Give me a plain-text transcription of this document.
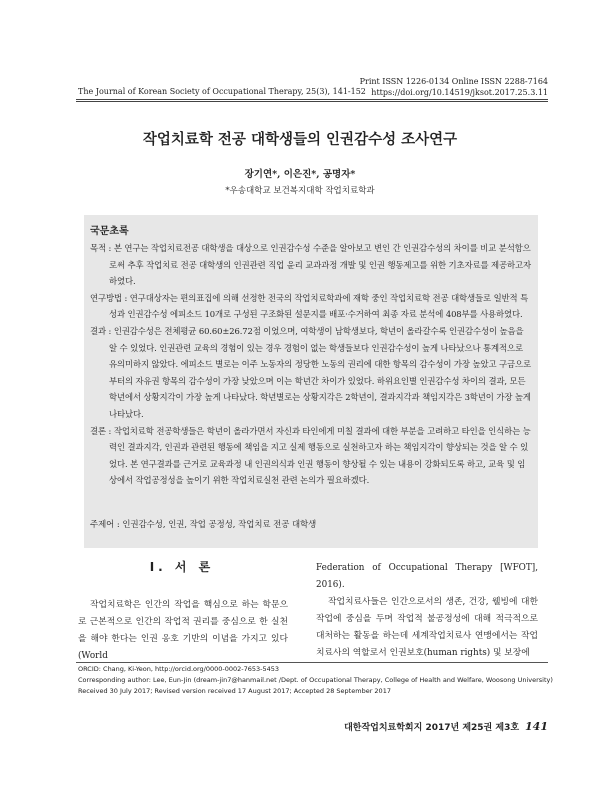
Print ISSN 1226-0134 Online ISSN 2288-7164
https://doi.org/10.14519/jksot.2017.25.3.11
The Journal of Korean Society of Occupational Therapy, 25(3), 141-152
작업치료학 전공 대학생들의 인권감수성 조사연구
장기연*, 이은진*, 공명자*
*우송대학교 보건복지대학 작업치료학과
국문초록

목적 : 본 연구는 작업치료전공 대학생을 대상으로 인권감수성 수준을 알아보고 변인 간 인권감수성의 차이를 비교 분석함으로써 추후 작업치료 전공 대학생의 인권관련 직업 윤리 교과과정 개발 및 인권 행동제고를 위한 기초자료를 제공하고자 하였다.

연구방법 : 연구대상자는 편의표집에 의해 선정한 전국의 작업치료학과에 재학 중인 작업치료학 전공 대학생들로 일반적 특성과 인권감수성 에피소드 10개로 구성된 구조화된 설문지를 배포·수거하여 최종 자료 분석에 408부를 사용하였다.

결과 : 인권감수성은 전체평균 60.60±26.72점 이었으며, 여학생이 남학생보다, 학년이 올라갈수록 인권감수성이 높음을 알 수 있었다. 인권관련 교육의 경험이 있는 경우 경험이 없는 학생들보다 인권감수성이 높게 나타났으나 통계적으로 유의미하지 않았다. 에피소드 별로는 이주 노동자의 정당한 노동의 권리에 대한 항목의 감수성이 가장 높았고 구금으로부터의 자유권 항목의 감수성이 가장 낮았으며 이는 학년간 차이가 있었다. 하위요인별 인권감수성 차이의 결과, 모든 학년에서 상황지각이 가장 높게 나타났다. 학년별로는 상황지각은 2학년이, 결과지각과 책임지각은 3학년이 가장 높게 나타났다.

결론 : 작업치료학 전공학생들은 학년이 올라가면서 자신과 타인에게 미칠 결과에 대한 부분을 고려하고 타인을 인식하는 능력인 결과지각, 인권과 관련된 행동에 책임을 지고 실제 행동으로 실천하고자 하는 책임지각이 향상되는 것을 알 수 있었다. 본 연구결과를 근거로 교육과정 내 인권의식과 인권 행동이 향상될 수 있는 내용이 강화되도록 하고, 교육 및 임상에서 작업공정성을 높이기 위한 작업치료실천 관련 논의가 필요하겠다.

주제어 : 인권감수성, 인권, 작업 공정성, 작업치료 전공 대학생
Ⅰ. 서 론

작업치료학은 인간의 작업을 핵심으로 하는 학문으로 근본적으로 인간의 작업적 권리를 중심으로 한 실천을 해야 한다는 인권 옹호 기반의 이념을 가지고 있다(World

Federation of Occupational Therapy [WFOT], 2016).

작업치료사들은 인간으로서의 생존, 건강, 웰빙에 대한 작업에 중심을 두며 작업적 불공정성에 대해 적극적으로 대처하는 활동을 하는데 세계작업치료사 연맹에서는 작업치료사의 역할로서 인권보호(human rights) 및 보장에

ORCID: Chang, Ki-Yeon, http://orcid.org/0000-0002-7653-5453
Corresponding author: Lee, Eun-Jin (dream-jin7@hanmail.net /Dept. of Occupational Therapy, College of Health and Welfare, Woosong University)
Received 30 July 2017; Revised version received 17 August 2017; Accepted 28 September 2017
대한작업치료학회지 2017년 제25권 제3호 141
